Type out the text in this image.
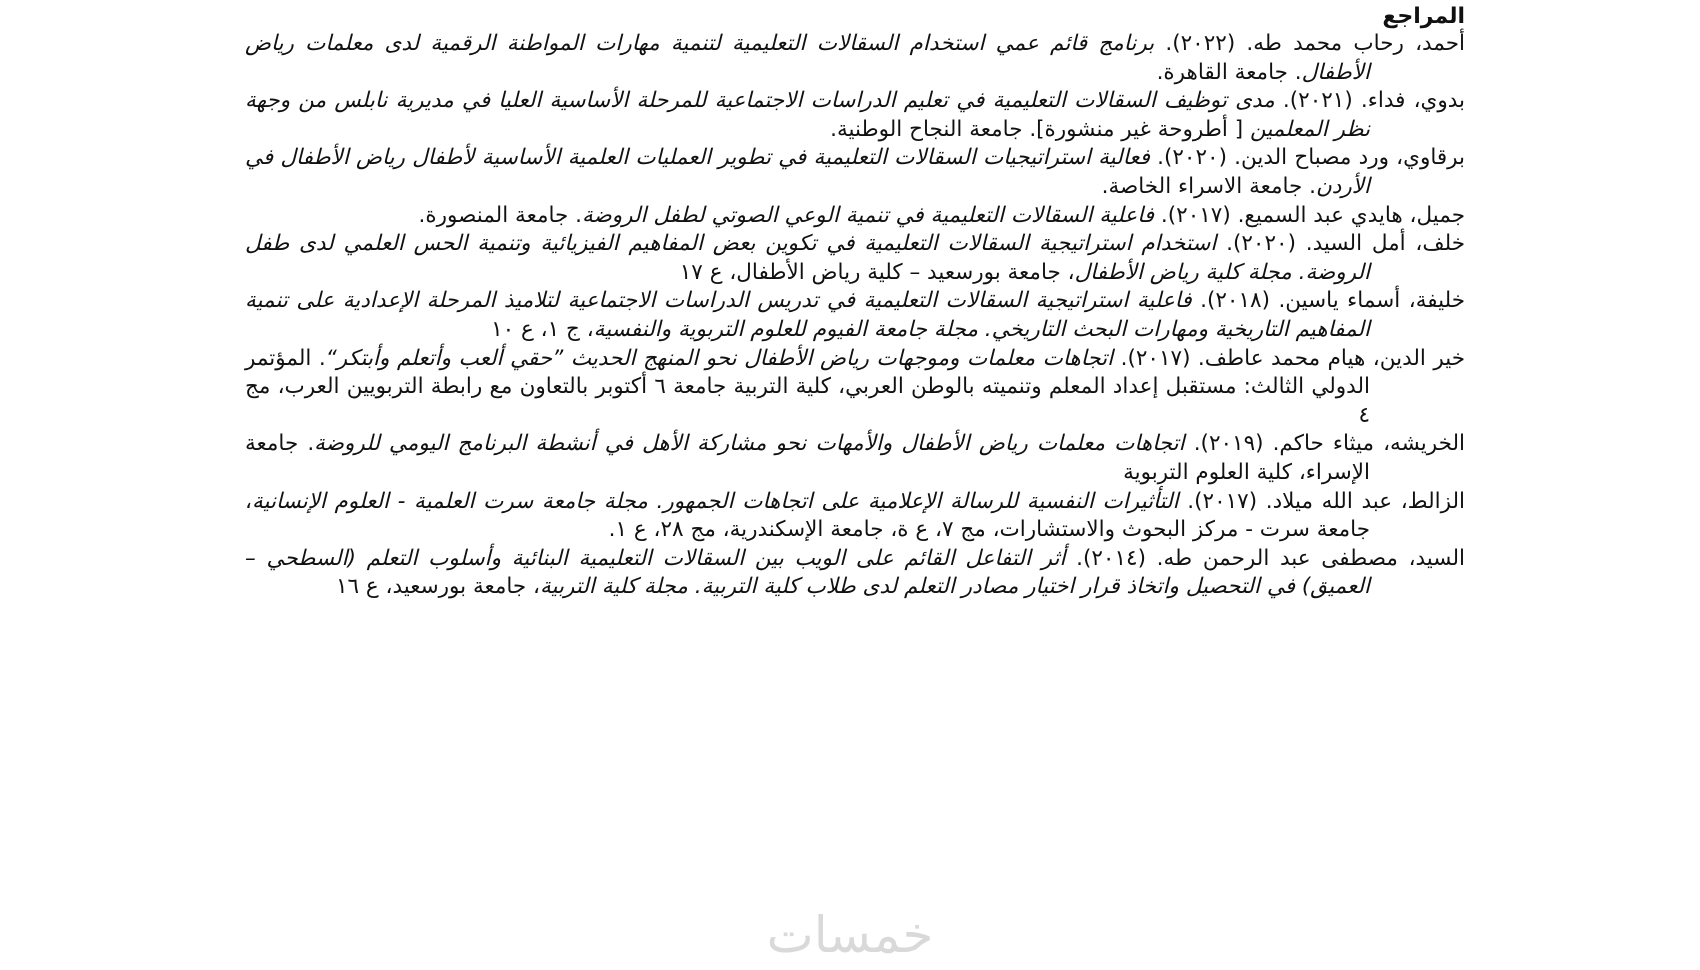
المراجع

أحمد، رحاب محمد طه. (٢٠٢٢). برنامج قائم عمي استخدام السقالات التعليمية لتنمية مهارات المواطنة الرقمية لدى معلمات رياض الأطفال. جامعة القاهرة.

بدوي، فداء. (٢٠٢١). مدى توظيف السقالات التعليمية في تعليم الدراسات الاجتماعية للمرحلة الأساسية العليا في مديرية نابلس من وجهة نظر المعلمين [ أطروحة غير منشورة]. جامعة النجاح الوطنية.

برقاوي، ورد مصباح الدين. (٢٠٢٠). فعالية استراتيجيات السقالات التعليمية في تطوير العمليات العلمية الأساسية لأطفال رياض الأطفال في الأردن. جامعة الاسراء الخاصة.

جميل، هايدي عبد السميع. (٢٠١٧). فاعلية السقالات التعليمية في تنمية الوعي الصوتي لطفل الروضة. جامعة المنصورة.

خلف، أمل السيد. (٢٠٢٠). استخدام استراتيجية السقالات التعليمية في تكوين بعض المفاهيم الفيزيائية وتنمية الحس العلمي لدى طفل الروضة. مجلة كلية رياض الأطفال، جامعة بورسعيد – كلية رياض الأطفال، ع ١٧

خليفة، أسماء ياسين. (٢٠١٨). فاعلية استراتيجية السقالات التعليمية في تدريس الدراسات الاجتماعية لتلاميذ المرحلة الإعدادية على تنمية المفاهيم التاريخية ومهارات البحث التاريخي. مجلة جامعة الفيوم للعلوم التربوية والنفسية، ج ١، ع ١٠

خير الدين، هيام محمد عاطف. (٢٠١٧). اتجاهات معلمات وموجهات رياض الأطفال نحو المنهج الحديث ”حقي ألعب وأتعلم وأبتكر“. المؤتمر الدولي الثالث: مستقبل إعداد المعلم وتنميته بالوطن العربي، كلية التربية جامعة ٦ أكتوبر بالتعاون مع رابطة التربويين العرب، مج ٤

الخريشه، ميثاء حاكم. (٢٠١٩). اتجاهات معلمات رياض الأطفال والأمهات نحو مشاركة الأهل في أنشطة البرنامج اليومي للروضة. جامعة الإسراء، كلية العلوم التربوية

الزالط، عبد الله ميلاد. (٢٠١٧). التأثيرات النفسية للرسالة الإعلامية على اتجاهات الجمهور. مجلة جامعة سرت العلمية - العلوم الإنسانية، جامعة سرت - مركز البحوث والاستشارات، مج ٧، ع ة، جامعة الإسكندرية، مج ٢٨، ع ١.

السيد، مصطفى عبد الرحمن طه. (٢٠١٤). أثر التفاعل القائم على الويب بين السقالات التعليمية البنائية وأسلوب التعلم (السطحي – العميق) في التحصيل واتخاذ قرار اختيار مصادر التعلم لدى طلاب كلية التربية. مجلة كلية التربية، جامعة بورسعيد، ع ١٦

خمسات
